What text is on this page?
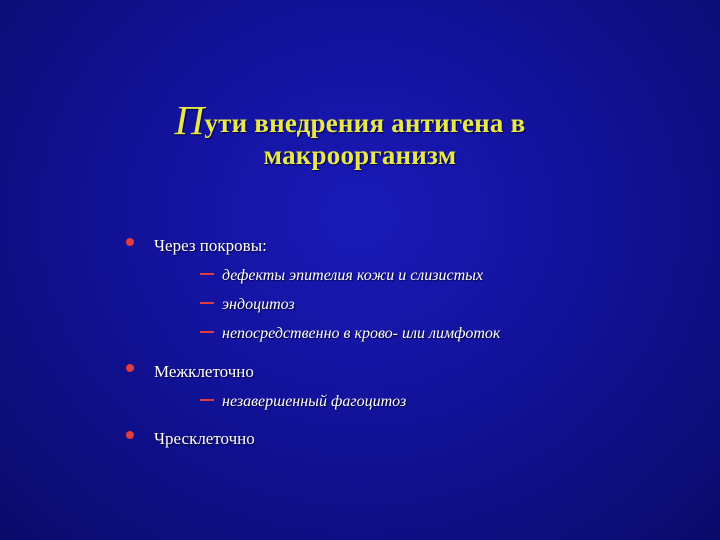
Пути внедрения антигена в
макроорганизм
Через покровы:
дефекты эпителия кожи и слизистых
эндоцитоз
непосредственно в крово- или лимфоток
Межклеточно
незавершенный фагоцитоз
Чресклеточно
